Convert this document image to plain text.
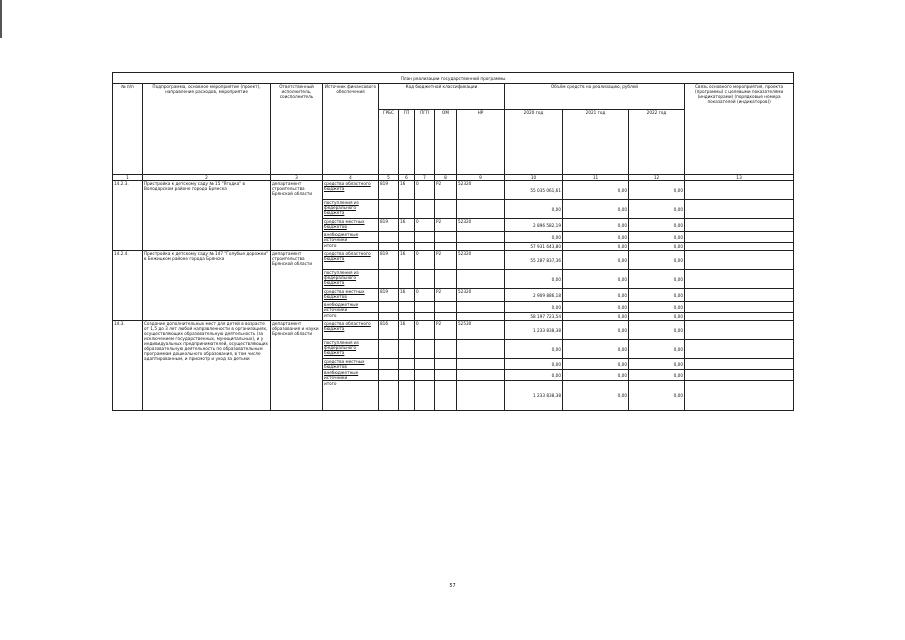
План реализации государственной программы												
№ п/п	Подпрограмма, основное мероприятие (проект), направление расходов, мероприятие	Ответственный исполнитель, соисполнитель	Источник финансового обеспечения	Код бюджетной классификации					Объём средств на реализацию, рублей			Связь основного мероприятия, проекта (программы) с целевыми показателями (индикаторами) (порядковые номера показателей (индикаторов))
				ГРБС	ГП	ПГП	ОМ	НР	2020 год	2021 год	2022 год	
1	2	3	4	5	6	7	8	9	10	11	12	13
14.2.3.	Пристройка к детскому саду № 15 "Ягодка" в Володарском районе города Брянска	департамент строительства Брянской области	средства областного бюджета	819	16	0	Р2	52320	55 035 061,61	0,00	0,00	
			поступления из федерального бюджета						0,00	0,00	0,00	
			средства местных бюджетов	819	16	0	Р2	52320	2 896 582,19	0,00	0,00	
			внебюджетные источники						0,00	0,00	0,00	
			итого						57 931 643,80	0,00	0,00	
14.2.4.	Пристройка к детскому саду № 147 "Голубые дорожки" в Бежицком районе города Брянска	департамент строительства Брянской области	средства областного бюджета	819	16	0	Р2	52320	55 287 837,36	0,00	0,00	
			поступления из федерального бюджета						0,00	0,00	0,00	
			средства местных бюджетов	819	16	0	Р2	52320	2 909 886,18	0,00	0,00	
			внебюджетные источники						0,00	0,00	0,00	
			итого						58 197 723,54	0,00	0,00	
14.3.	Создание дополнительных мест для детей в возрасте от 1,5 до 3 лет любой направленности в организациях, осуществляющих образовательную деятельность (за исключением государственных, муниципальных), и у индивидуальных предпринимателей, осуществляющих образовательную деятельность по образовательным программам дошкольного образования, в том числе адаптированным, и присмотр и уход за детьми	департамент образования и науки Брянской области	средства областного бюджета	816	16	0	Р2	52530	1 233 838,38	0,00	0,00	
			поступления из федерального бюджета						0,00	0,00	0,00	
			средства местных бюджетов						0,00	0,00	0,00	
			внебюджетные источники						0,00	0,00	0,00	
			итого						1 233 838,38	0,00	0,00	
57
